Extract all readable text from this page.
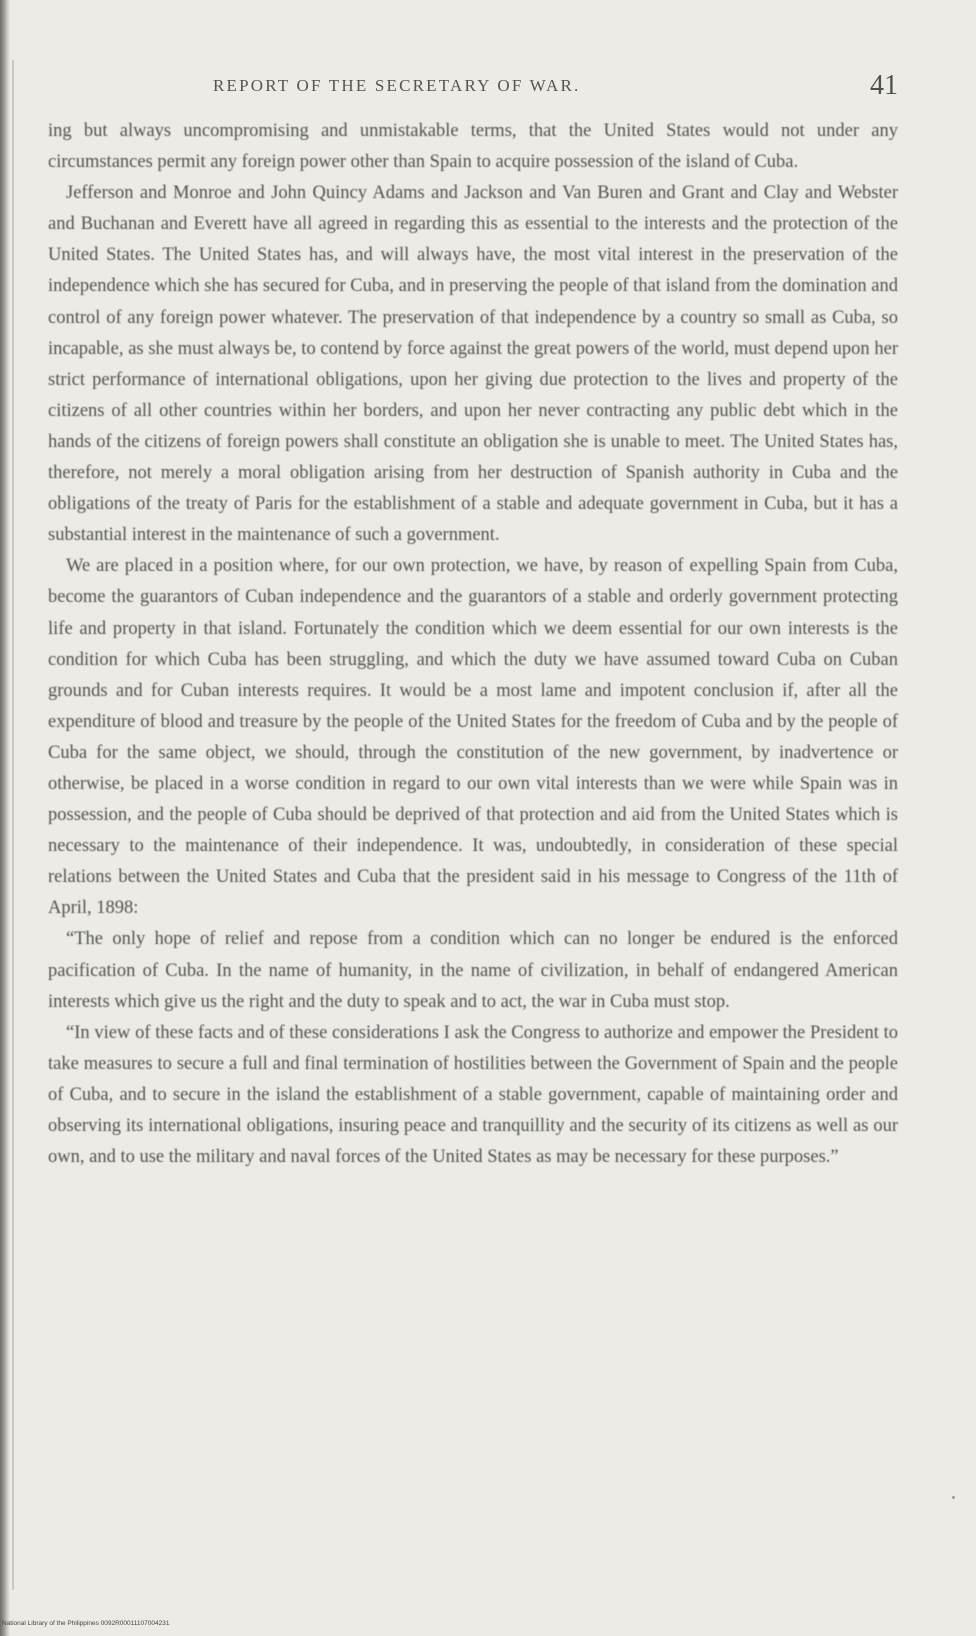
REPORT OF THE SECRETARY OF WAR.	41

ing but always uncompromising and unmistakable terms, that the United States would not under any circumstances permit any foreign power other than Spain to acquire possession of the island of Cuba.

Jefferson and Monroe and John Quincy Adams and Jackson and Van Buren and Grant and Clay and Webster and Buchanan and Everett have all agreed in regarding this as essential to the interests and the protection of the United States. The United States has, and will always have, the most vital interest in the preservation of the independence which she has secured for Cuba, and in preserving the people of that island from the domination and control of any foreign power whatever. The preservation of that independence by a country so small as Cuba, so incapable, as she must always be, to contend by force against the great powers of the world, must depend upon her strict performance of international obligations, upon her giving due protection to the lives and property of the citizens of all other countries within her borders, and upon her never contracting any public debt which in the hands of the citizens of foreign powers shall constitute an obligation she is unable to meet. The United States has, therefore, not merely a moral obligation arising from her destruction of Spanish authority in Cuba and the obligations of the treaty of Paris for the establishment of a stable and adequate government in Cuba, but it has a substantial interest in the maintenance of such a government.

We are placed in a position where, for our own protection, we have, by reason of expelling Spain from Cuba, become the guarantors of Cuban independence and the guarantors of a stable and orderly government protecting life and property in that island. Fortunately the condition which we deem essential for our own interests is the condition for which Cuba has been struggling, and which the duty we have assumed toward Cuba on Cuban grounds and for Cuban interests requires. It would be a most lame and impotent conclusion if, after all the expenditure of blood and treasure by the people of the United States for the freedom of Cuba and by the people of Cuba for the same object, we should, through the constitution of the new government, by inadvertence or otherwise, be placed in a worse condition in regard to our own vital interests than we were while Spain was in possession, and the people of Cuba should be deprived of that protection and aid from the United States which is necessary to the maintenance of their independence. It was, undoubtedly, in consideration of these special relations between the United States and Cuba that the president said in his message to Congress of the 11th of April, 1898:

“The only hope of relief and repose from a condition which can no longer be endured is the enforced pacification of Cuba. In the name of humanity, in the name of civilization, in behalf of endangered American interests which give us the right and the duty to speak and to act, the war in Cuba must stop.

“In view of these facts and of these considerations I ask the Congress to authorize and empower the President to take measures to secure a full and final termination of hostilities between the Government of Spain and the people of Cuba, and to secure in the island the establishment of a stable government, capable of maintaining order and observing its international obligations, insuring peace and tranquillity and the security of its citizens as well as our own, and to use the military and naval forces of the United States as may be necessary for these purposes.”

National Library of the Philippines 0092R00011107004231
